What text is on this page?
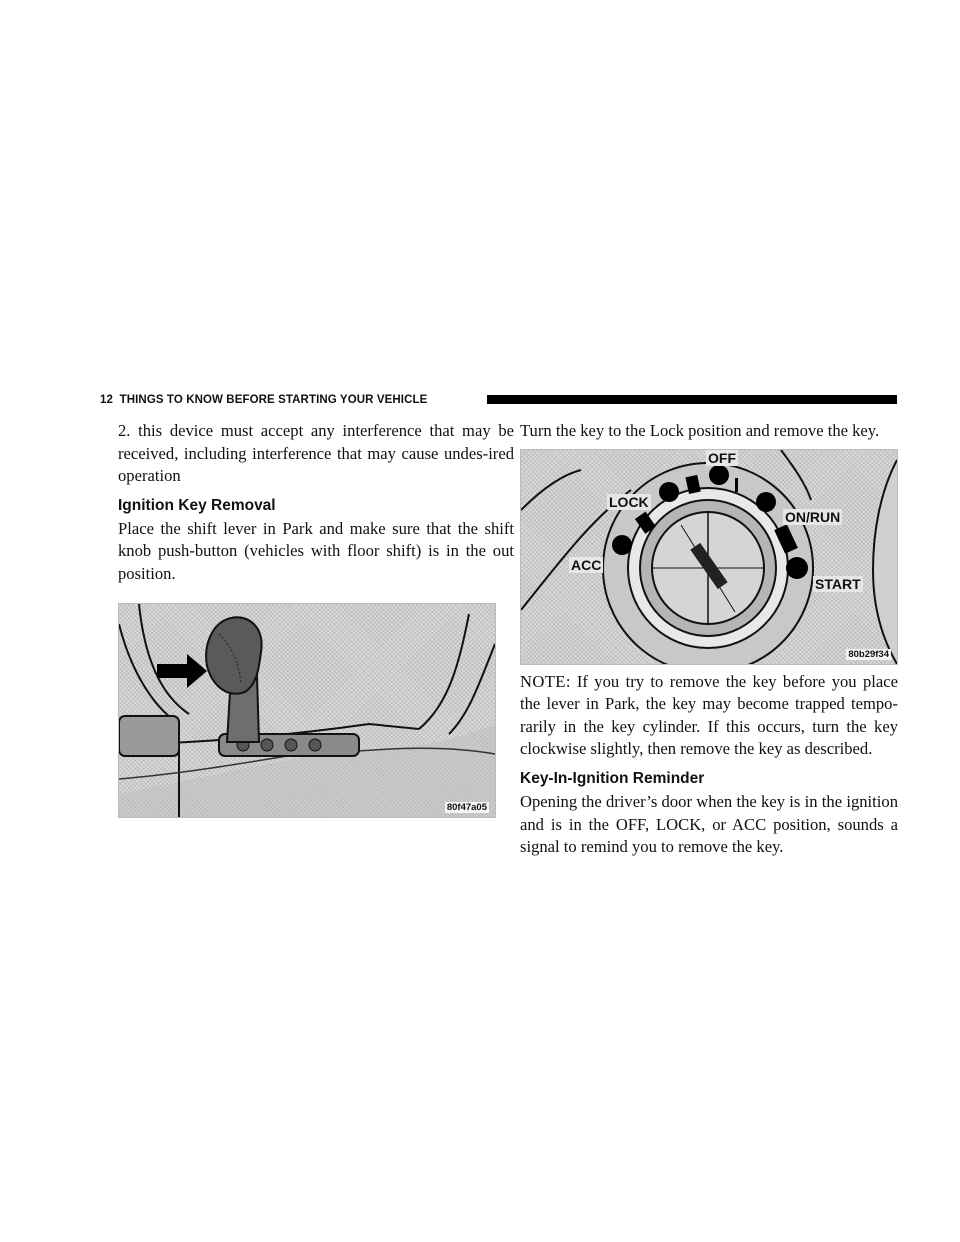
12 THINGS TO KNOW BEFORE STARTING YOUR VEHICLE

2. this device must accept any interference that may be received, including interference that may cause undes-ired operation

Ignition Key Removal

Place the shift lever in Park and make sure that the shift knob push-button (vehicles with floor shift) is in the out position.

80f47a05

Turn the key to the Lock position and remove the key.

LOCK
OFF
ON/RUN
ACC
START
80b29f34

NOTE: If you try to remove the key before you place the lever in Park, the key may become trapped tempo-rarily in the key cylinder. If this occurs, turn the key clockwise slightly, then remove the key as described.

Key-In-Ignition Reminder

Opening the driver’s door when the key is in the ignition and is in the OFF, LOCK, or ACC position, sounds a signal to remind you to remove the key.
